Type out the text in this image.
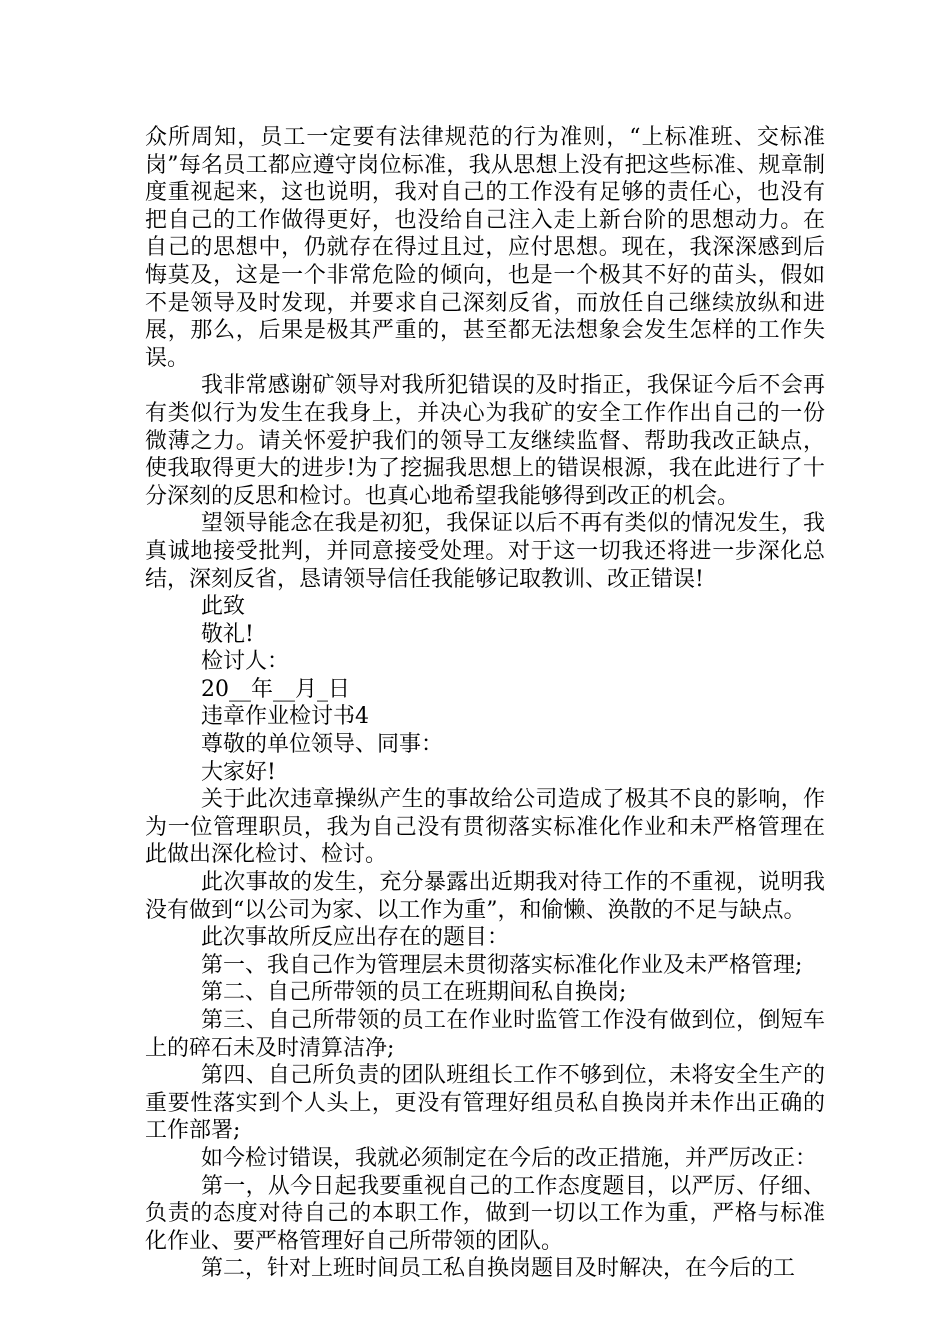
众所周知，员工一定要有法律规范的行为准则，“上标准班、交标准岗”每名员工都应遵守岗位标准，我从思想上没有把这些标准、规章制度重视起来，这也说明，我对自己的工作没有足够的责任心，也没有把自己的工作做得更好，也没给自己注入走上新台阶的思想动力。在自己的思想中，仍就存在得过且过，应付思想。现在，我深深感到后悔莫及，这是一个非常危险的倾向，也是一个极其不好的苗头，假如不是领导及时发现，并要求自己深刻反省，而放任自己继续放纵和进展，那么，后果是极其严重的，甚至都无法想象会发生怎样的工作失误。

我非常感谢矿领导对我所犯错误的及时指正，我保证今后不会再有类似行为发生在我身上，并决心为我矿的安全工作作出自己的一份微薄之力。请关怀爱护我们的领导工友继续监督、帮助我改正缺点，使我取得更大的进步!为了挖掘我思想上的错误根源，我在此进行了十分深刻的反思和检讨。也真心地希望我能够得到改正的机会。

望领导能念在我是初犯，我保证以后不再有类似的情况发生，我真诚地接受批判，并同意接受处理。对于这一切我还将进一步深化总结，深刻反省，恳请领导信任我能够记取教训、改正错误!

此致

敬礼!

检讨人：

20__年__月_日

违章作业检讨书4

尊敬的单位领导、同事：

大家好!

关于此次违章操纵产生的事故给公司造成了极其不良的影响，作为一位管理职员，我为自己没有贯彻落实标准化作业和未严格管理在此做出深化检讨、检讨。

此次事故的发生，充分暴露出近期我对待工作的不重视，说明我没有做到“以公司为家、以工作为重”，和偷懒、涣散的不足与缺点。

此次事故所反应出存在的题目：

第一、我自己作为管理层未贯彻落实标准化作业及未严格管理;

第二、自己所带领的员工在班期间私自换岗;

第三、自己所带领的员工在作业时监管工作没有做到位，倒短车上的碎石未及时清算洁净;

第四、自己所负责的团队班组长工作不够到位，未将安全生产的重要性落实到个人头上，更没有管理好组员私自换岗并未作出正确的工作部署;

如今检讨错误，我就必须制定在今后的改正措施，并严厉改正：

第一，从今日起我要重视自己的工作态度题目，以严厉、仔细、负责的态度对待自己的本职工作，做到一切以工作为重，严格与标准化作业、要严格管理好自己所带领的团队。

第二，针对上班时间员工私自换岗题目及时解决，在今后的工
